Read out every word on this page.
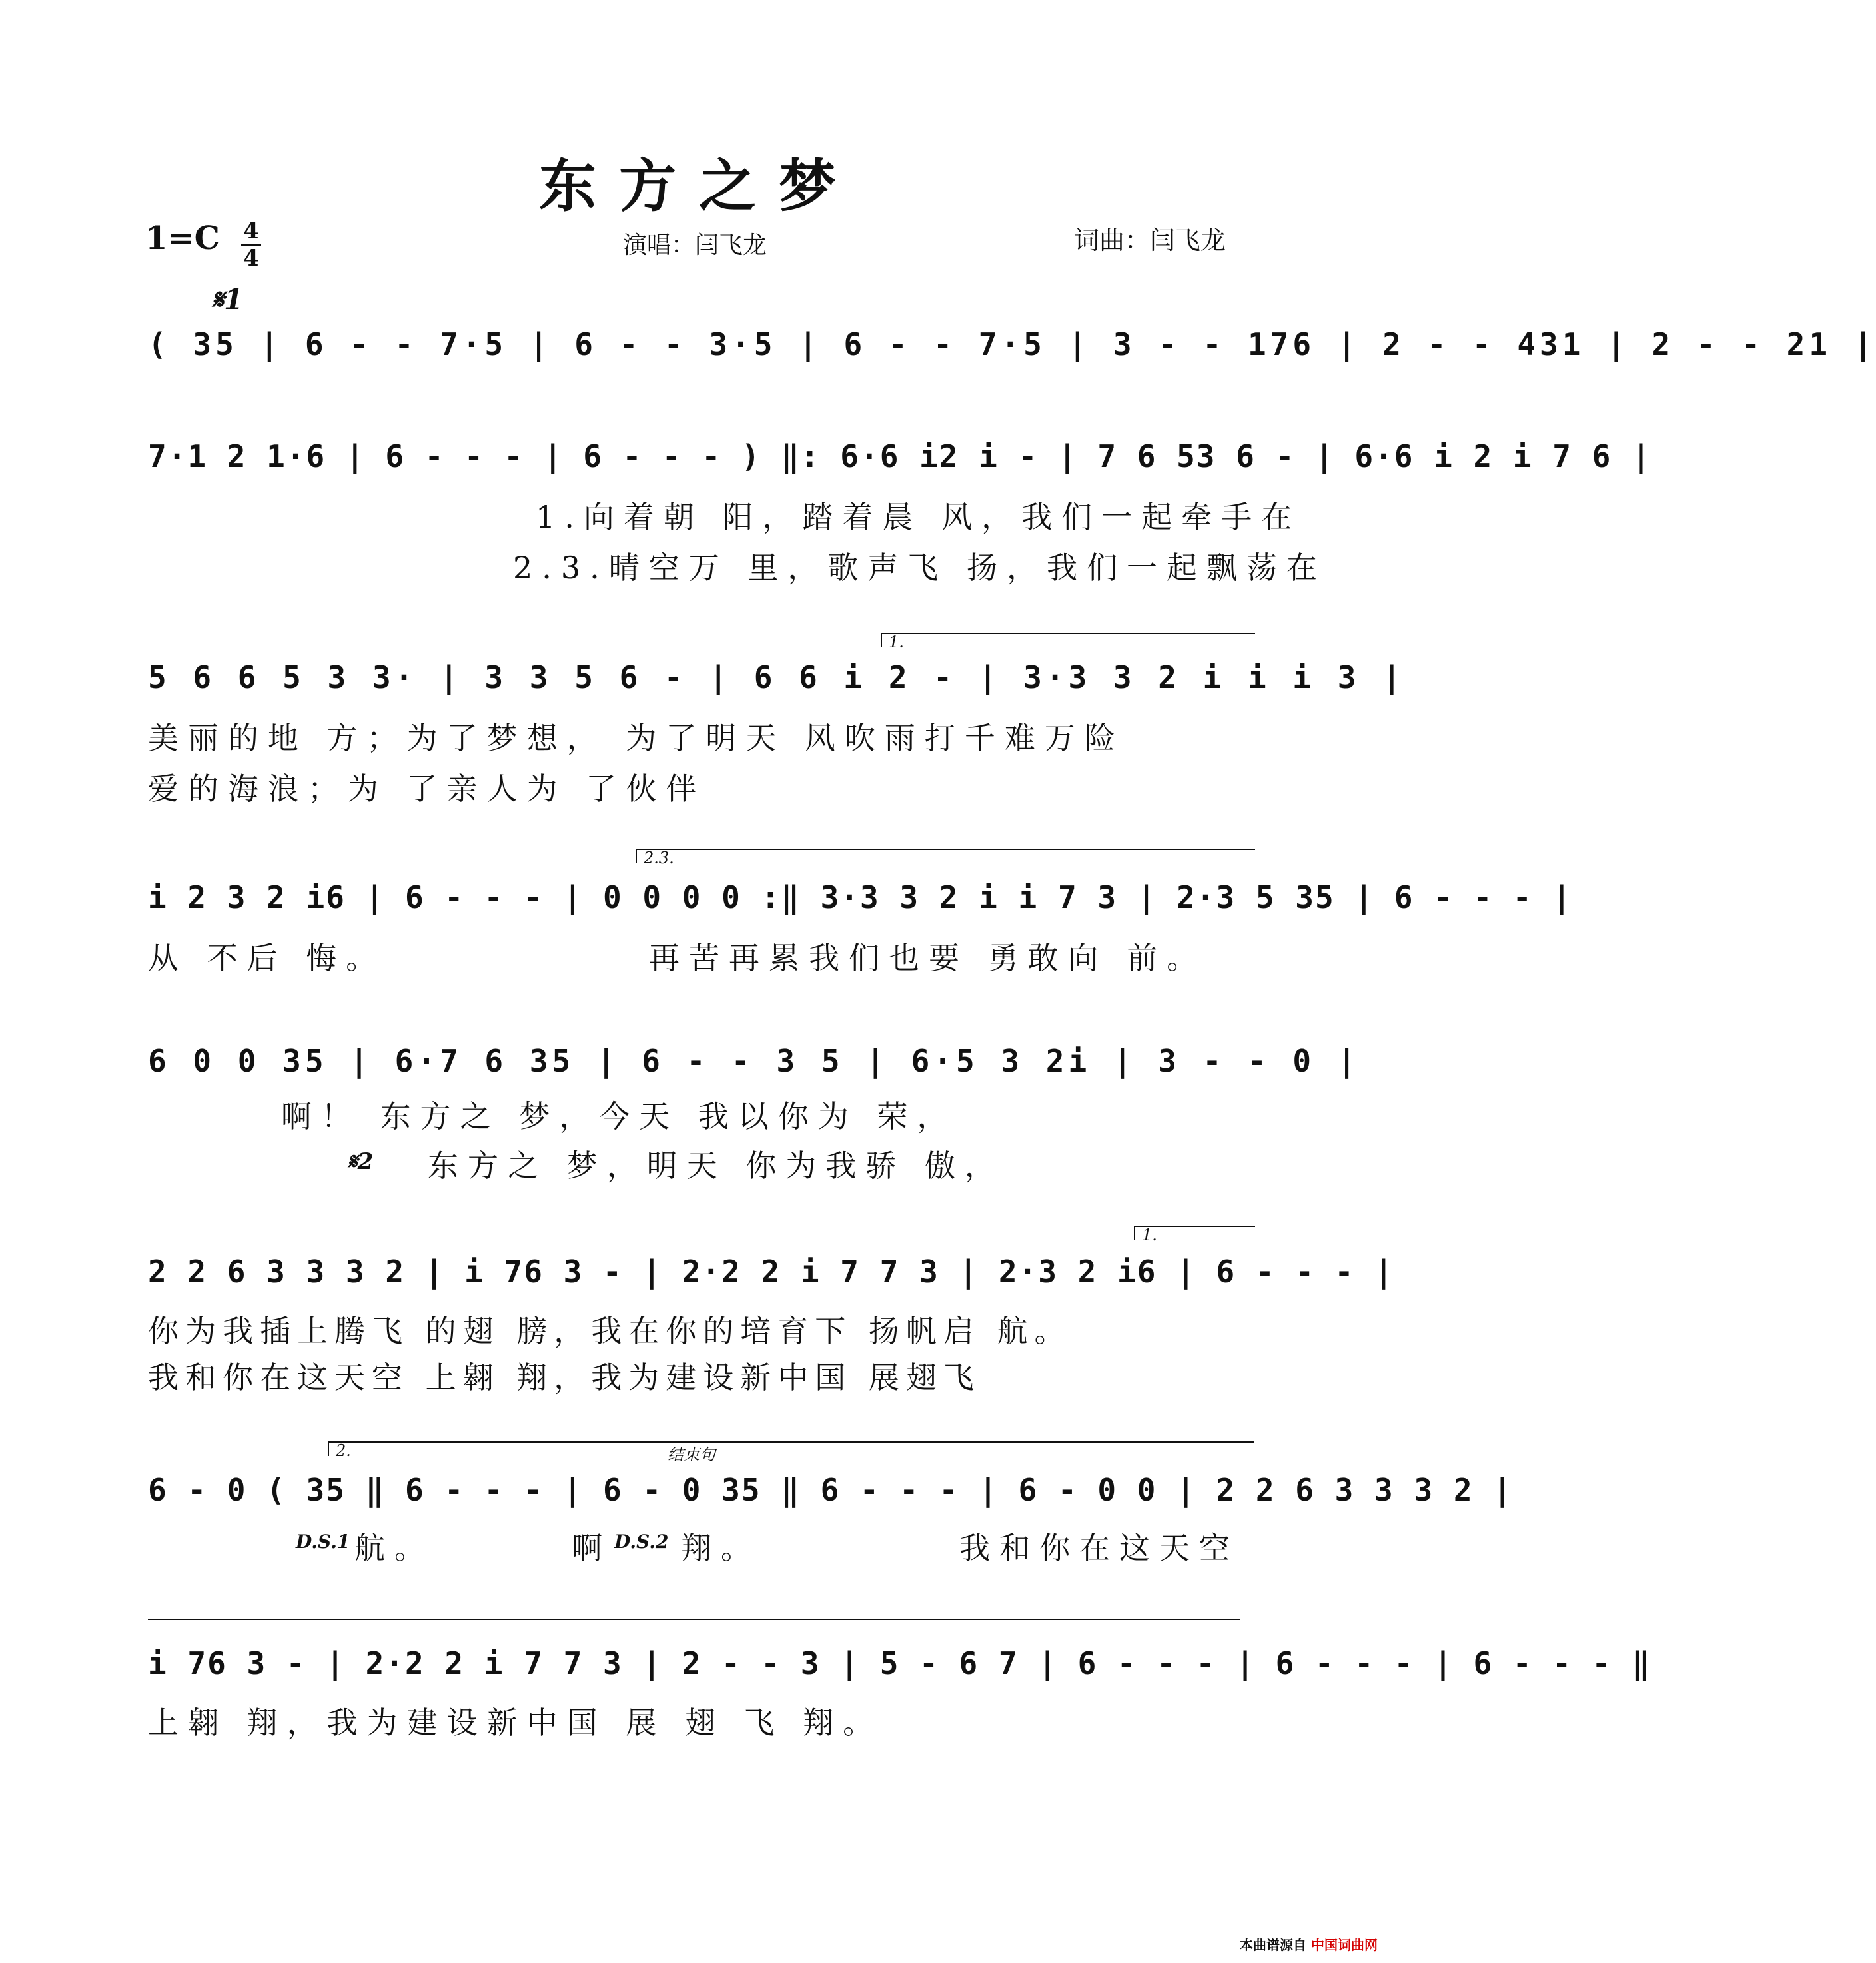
东方之梦
1=C 4
4	演唱：闫飞龙	词曲：闫飞龙
𝄋1
( 35 | 6 - - 7·5 | 6 - - 3·5 | 6 - - 7·5 | 3 - - 176 | 2 - - 431 | 2 - - 21 |
7·1 2 1·6 | 6 - - - | 6 - - - ) ‖: 6·6 i2 i - | 7 6 53 6 - | 6·6 i 2 i 7 6 |
1.向着朝 阳，踏着晨 风，我们一起牵手在
2.3.晴空万 里，歌声飞 扬，我们一起飘荡在
1.
5 6 6 5 3 3· | 3 3 5 6 - | 6 6 i 2 - | 3·3 3 2 i i i 3 |
美丽的地 方；为了梦想， 为了明天 风吹雨打千难万险
爱的海浪；为 了亲人为 了伙伴
2.3.
i 2 3 2 i6 | 6 - - - | 0 0 0 0 :‖ 3·3 3 2 i i 7 3 | 2·3 5 35 | 6 - - - |
从 不后 悔。	再苦再累我们也要 勇敢向 前。
6 0 0 35 | 6·7 6 35 | 6 - - 3 5 | 6·5 3 2i | 3 - - 0 |
啊！ 东方之 梦，今天 我以你为 荣，
𝄋2 东方之 梦，明天 你为我骄 傲，
1.
2 2 6 3 3 3 2 | i 76 3 - | 2·2 2 i 7 7 3 | 2·3 2 i6 | 6 - - - |
你为我插上腾飞 的翅 膀，我在你的培育下 扬帆启 航。
我和你在这天空 上翱 翔，我为建设新中国 展翅飞
2.	结束句
6 - 0 ( 35 ‖ 6 - - - | 6 - 0 35 ‖ 6 - - - | 6 - 0 0 | 2 2 6 3 3 3 2 |
D.S.1 航。	啊 D.S.2 翔。	我和你在这天空
i 76 3 - | 2·2 2 i 7 7 3 | 2 - - 3 | 5 - 6 7 | 6 - - - | 6 - - - | 6 - - - ‖
上翱 翔，我为建设新中国 展 翅 飞 翔。
本曲谱源自 中国词曲网
